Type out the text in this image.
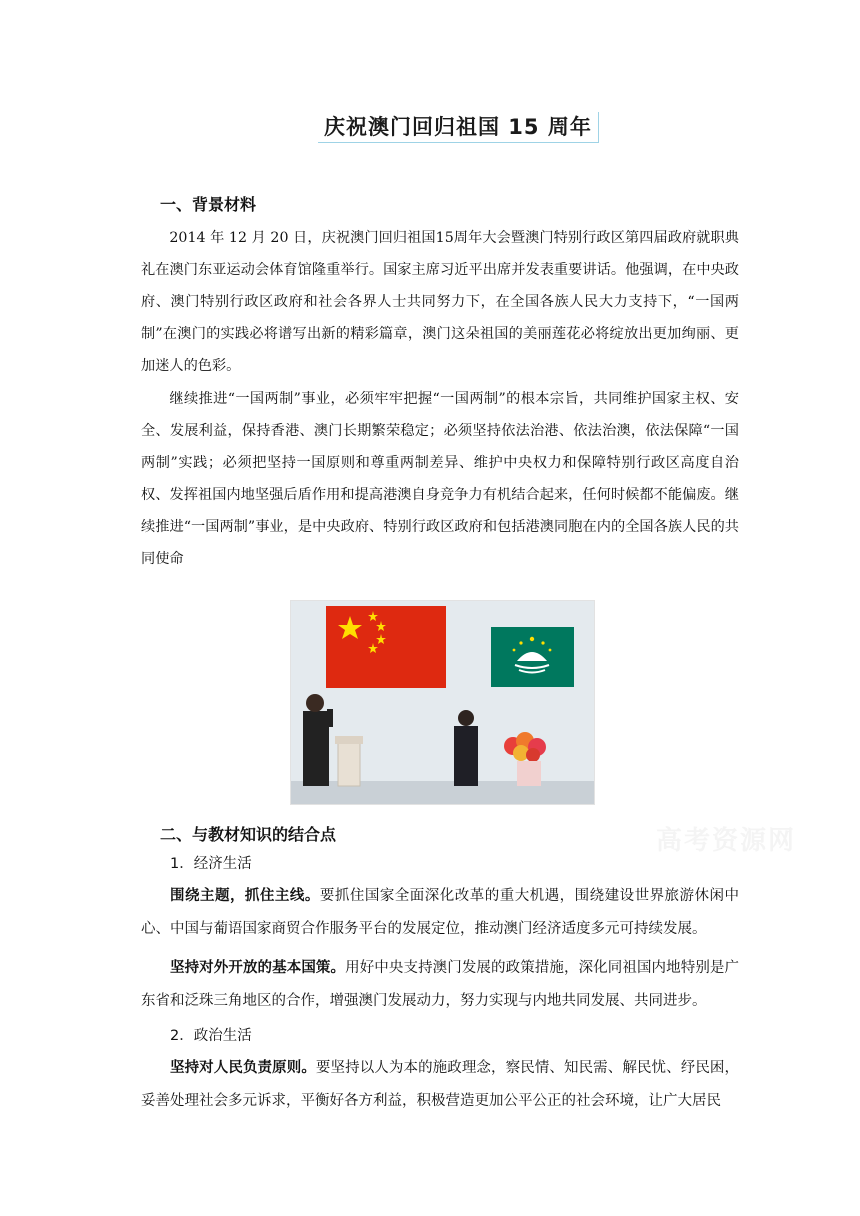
庆祝澳门回归祖国 15 周年
一、背景材料

2014 年 12 月 20 日，庆祝澳门回归祖国15周年大会暨澳门特别行政区第四届政府就职典礼在澳门东亚运动会体育馆隆重举行。国家主席习近平出席并发表重要讲话。他强调，在中央政府、澳门特别行政区政府和社会各界人士共同努力下，在全国各族人民大力支持下，“一国两制”在澳门的实践必将谱写出新的精彩篇章，澳门这朵祖国的美丽莲花必将绽放出更加绚丽、更加迷人的色彩。

继续推进“一国两制”事业，必须牢牢把握“一国两制”的根本宗旨，共同维护国家主权、安全、发展利益，保持香港、澳门长期繁荣稳定；必须坚持依法治港、依法治澳，依法保障“一国两制”实践；必须把坚持一国原则和尊重两制差异、维护中央权力和保障特别行政区高度自治权、发挥祖国内地坚强后盾作用和提高港澳自身竞争力有机结合起来，任何时候都不能偏废。继续推进“一国两制”事业，是中央政府、特别行政区政府和包括港澳同胞在内的全国各族人民的共同使命

二、与教材知识的结合点	高考资源网
1．经济生活

围绕主题，抓住主线。要抓住国家全面深化改革的重大机遇，围绕建设世界旅游休闲中心、中国与葡语国家商贸合作服务平台的发展定位，推动澳门经济适度多元可持续发展。

坚持对外开放的基本国策。用好中央支持澳门发展的政策措施，深化同祖国内地特别是广东省和泛珠三角地区的合作，增强澳门发展动力，努力实现与内地共同发展、共同进步。

2．政治生活

坚持对人民负责原则。要坚持以人为本的施政理念，察民情、知民需、解民忧、纾民困，妥善处理社会多元诉求，平衡好各方利益，积极营造更加公平公正的社会环境，让广大居民
